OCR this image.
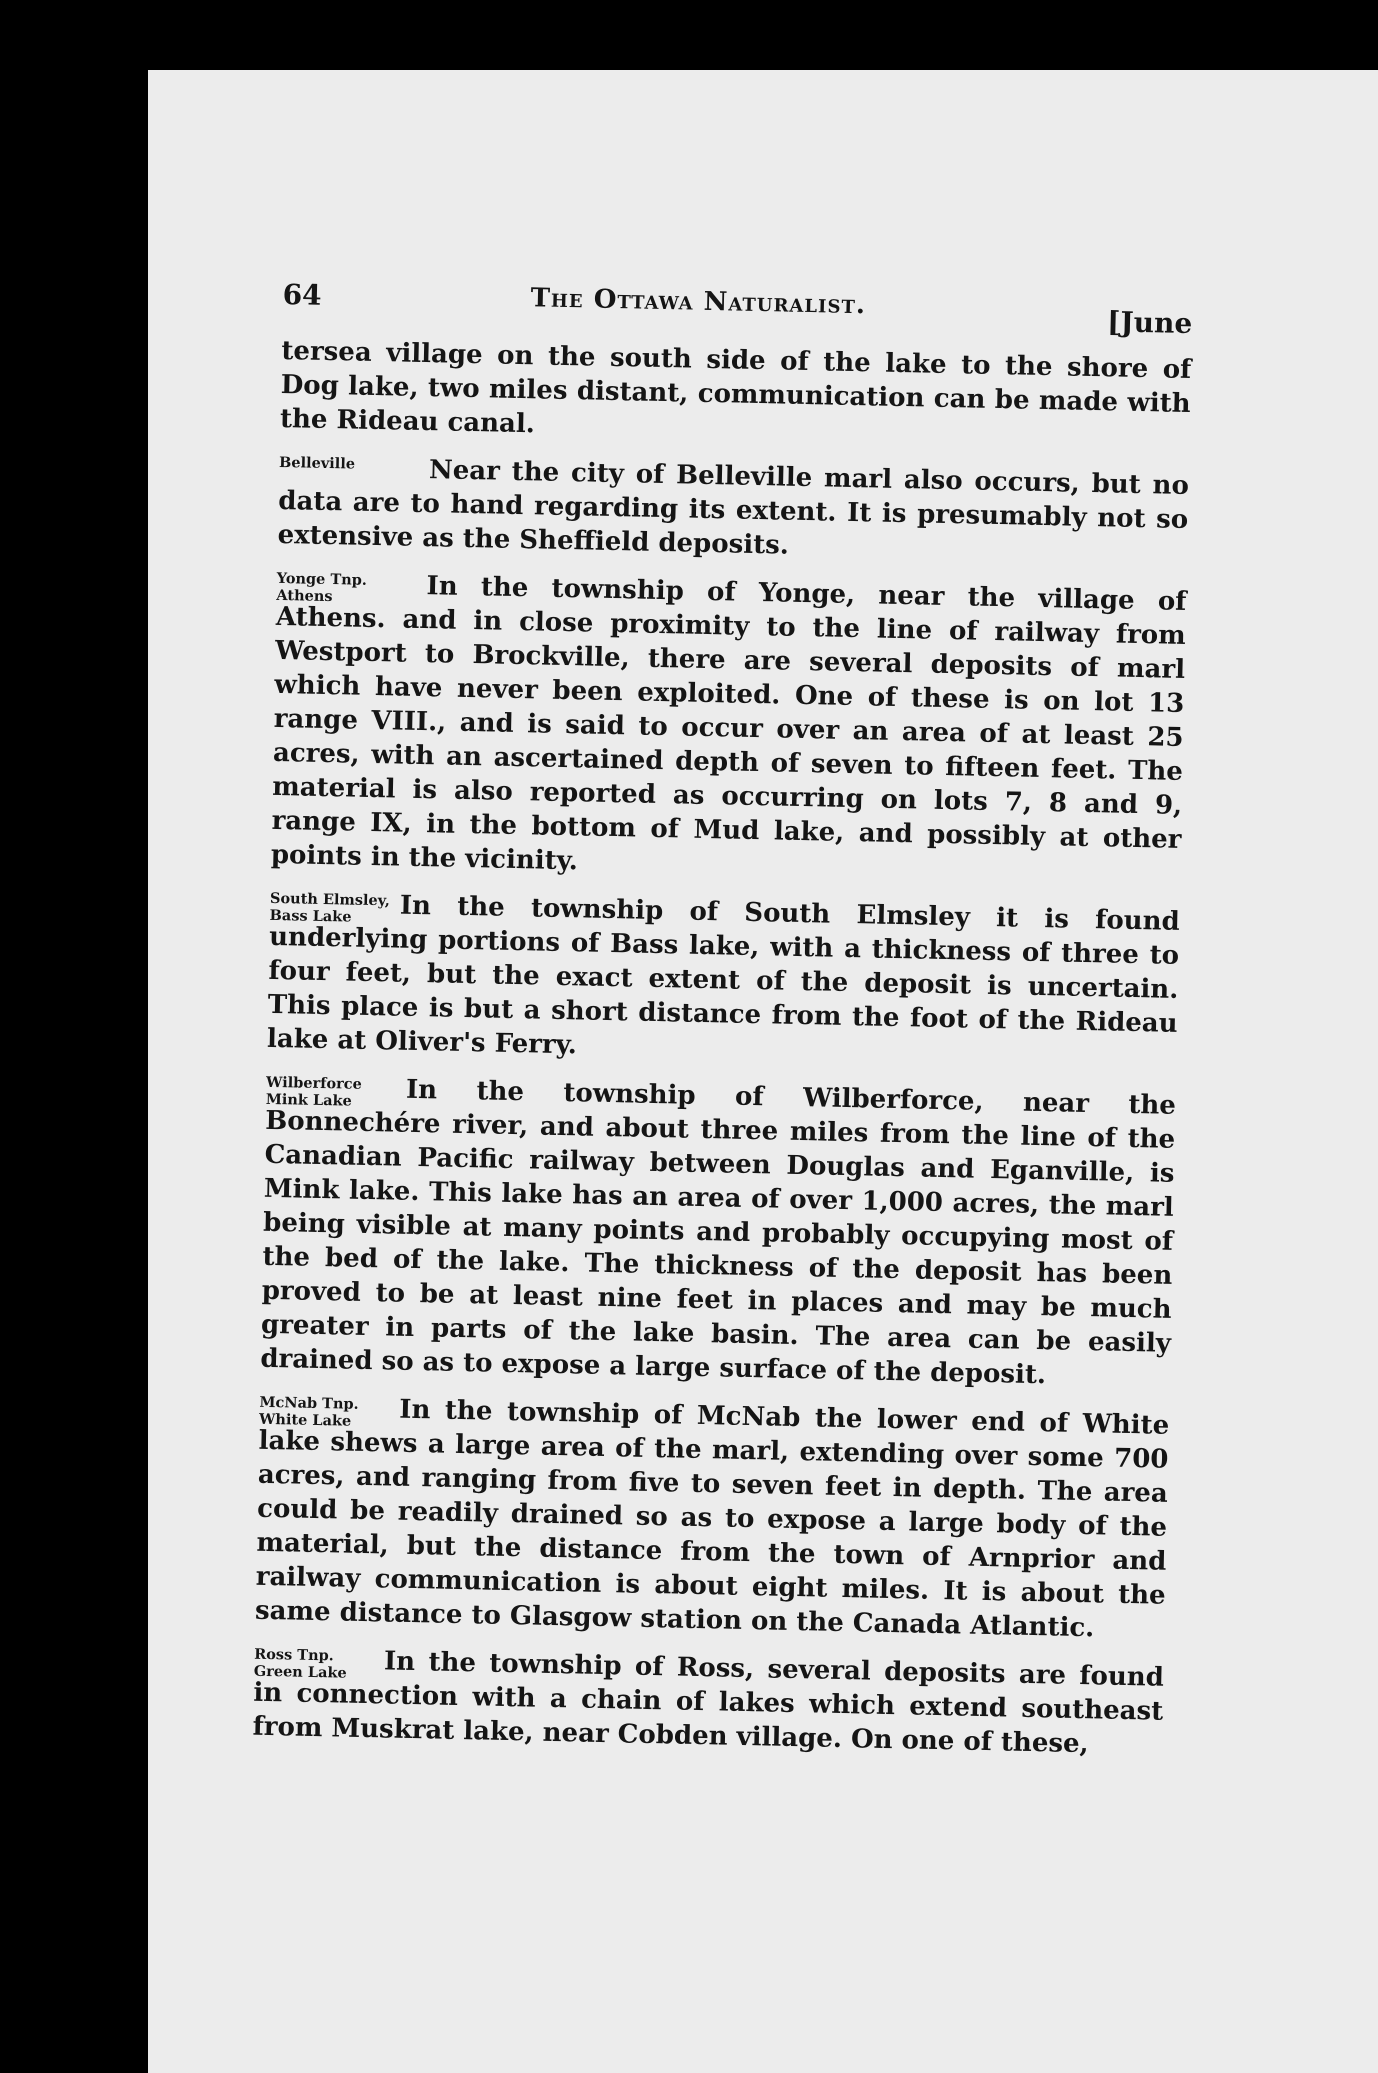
64	The Ottawa Naturalist.
[June

tersea village on the south side of the lake to the shore of Dog lake, two miles distant, communication can be made with the Rideau canal.

Belleville	Near the city of Belleville marl also occurs, but no data are to hand regarding its extent. It is presumably not so extensive as the Sheffield deposits.

Yonge Tnp.
Athens	In the township of Yonge, near the village of Athens. and in close proximity to the line of railway from Westport to Brockville, there are several deposits of marl which have never been exploited. One of these is on lot 13 range VIII., and is said to occur over an area of at least 25 acres, with an ascertained depth of seven to fifteen feet. The material is also reported as occurring on lots 7, 8 and 9, range IX, in the bottom of Mud lake, and possibly at other points in the vicinity.

South Elmsley,
Bass Lake	In the township of South Elmsley it is found underlying portions of Bass lake, with a thickness of three to four feet, but the exact extent of the deposit is uncertain. This place is but a short distance from the foot of the Rideau lake at Oliver's Ferry.

Wilberforce
Mink Lake	In the township of Wilberforce, near the Bonnechére river, and about three miles from the line of the Canadian Pacific railway between Douglas and Eganville, is Mink lake. This lake has an area of over 1,000 acres, the marl being visible at many points and probably occupying most of the bed of the lake. The thickness of the deposit has been proved to be at least nine feet in places and may be much greater in parts of the lake basin. The area can be easily drained so as to expose a large surface of the deposit.

McNab Tnp.
White Lake In the township of McNab the lower end of White lake shews a large area of the marl, extending over some 700 acres, and ranging from five to seven feet in depth. The area could be readily drained so as to expose a large body of the material, but the distance from the town of Arnprior and railway communication is about eight miles. It is about the same distance to Glasgow station on the Canada Atlantic.

Ross Tnp.
Green Lake In the township of Ross, several deposits are found in connection with a chain of lakes which extend southeast from Muskrat lake, near Cobden village. On one of these,
